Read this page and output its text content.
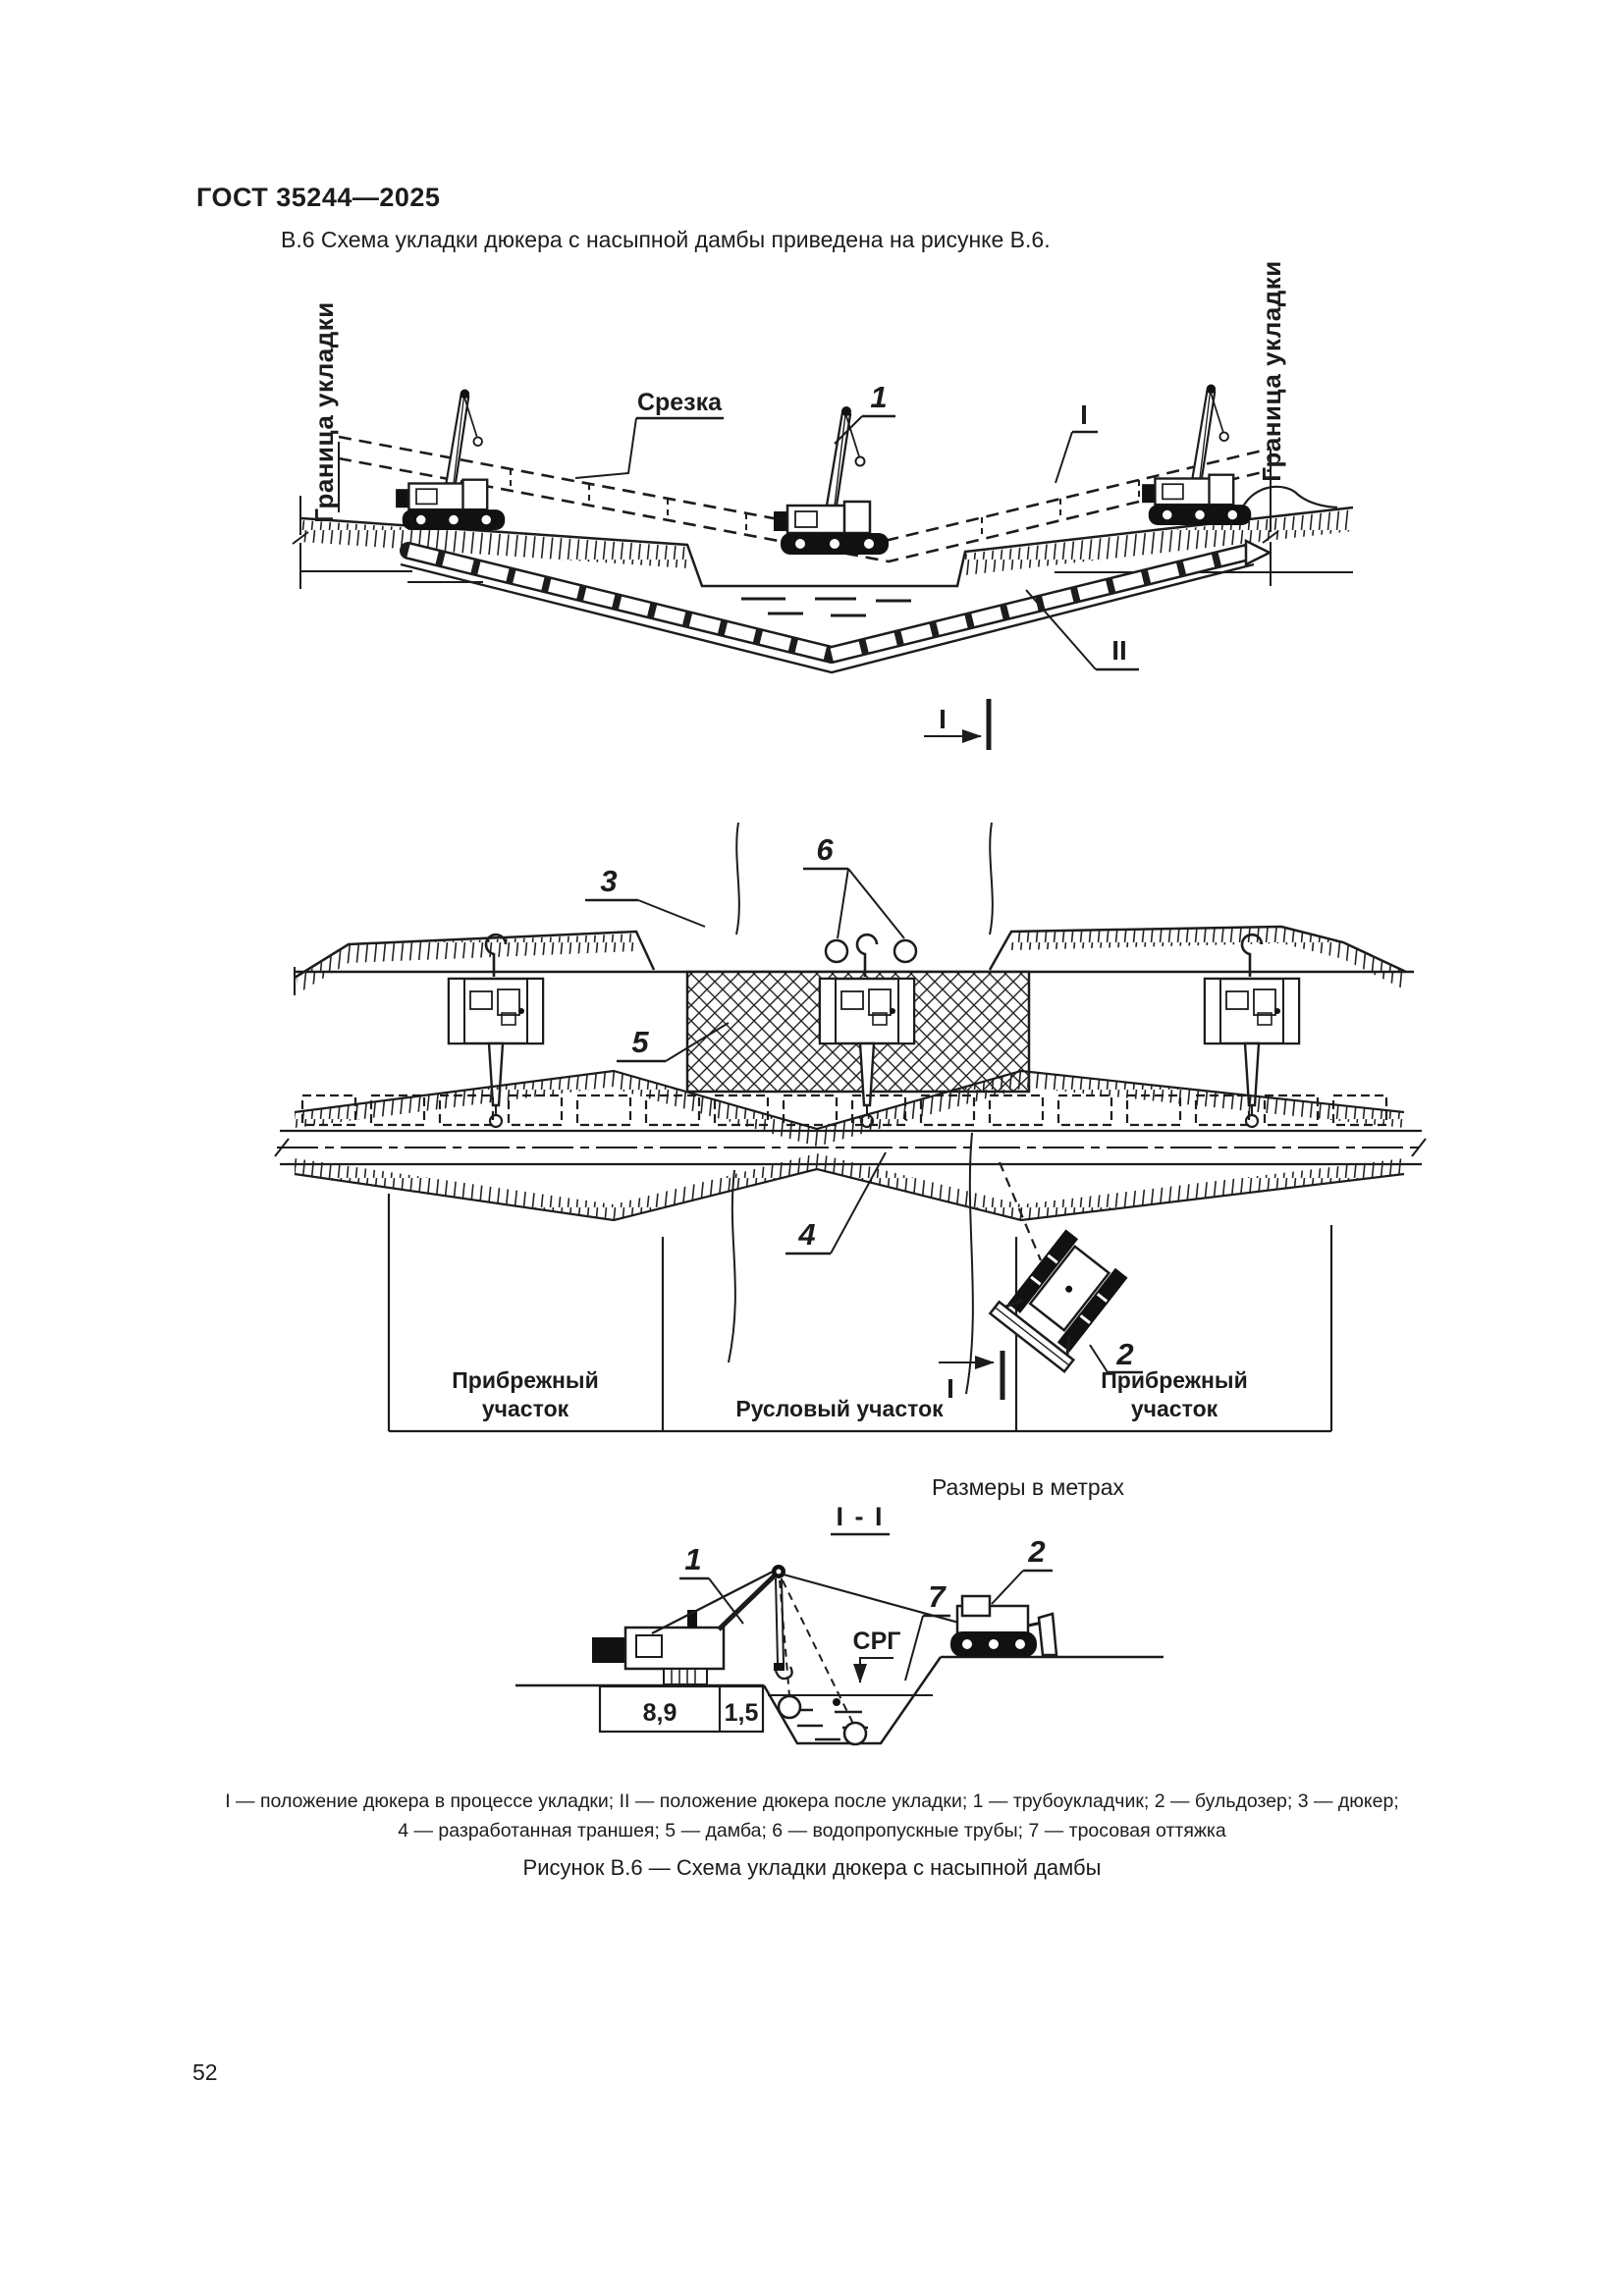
ГОСТ 35244—2025
В.6 Схема укладки дюкера с насыпной дамбы приведена на рисунке В.6.
Граница укладки	Граница укладки
Срезка	1
I
II
I
3
6
5
4
2
I
Прибрежный
участок	Русловый участок
Прибрежный
участок
Размеры в метрах
I - I
8,9 1,5
1	2
7
СРГ
I — положение дюкера в процессе укладки; II — положение дюкера после укладки; 1 — трубоукладчик; 2 — бульдозер; 3 — дюкер;
4 — разработанная траншея; 5 — дамба; 6 — водопропускные трубы; 7 — тросовая оттяжка
Рисунок В.6 — Схема укладки дюкера с насыпной дамбы
52
